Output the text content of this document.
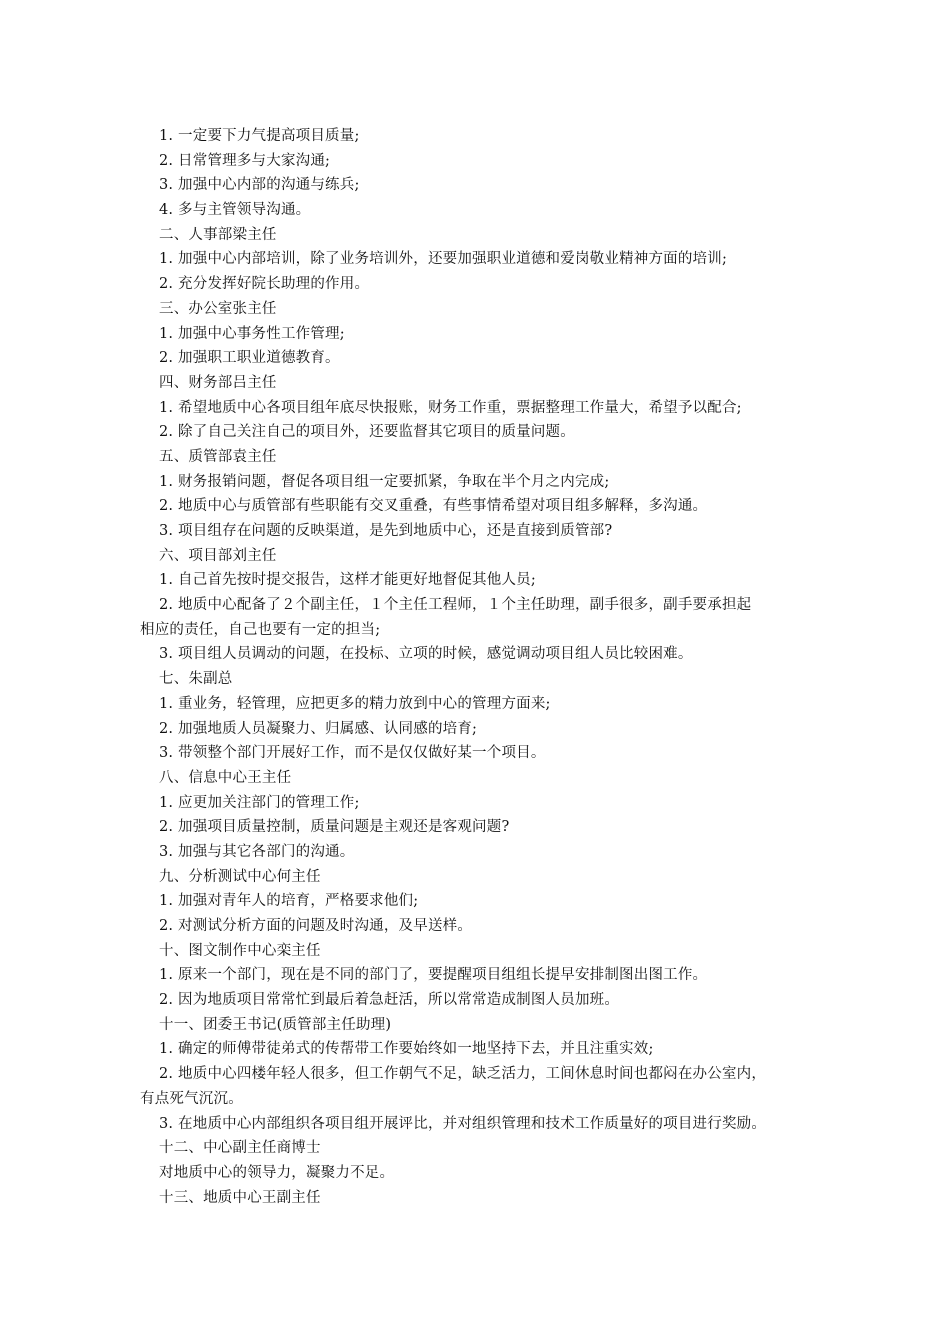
1. 一定要下力气提高项目质量;
2. 日常管理多与大家沟通;
3. 加强中心内部的沟通与练兵;
4. 多与主管领导沟通。
二、人事部梁主任
1. 加强中心内部培训，除了业务培训外，还要加强职业道德和爱岗敬业精神方面的培训;
2. 充分发挥好院长助理的作用。
三、办公室张主任
1. 加强中心事务性工作管理;
2. 加强职工职业道德教育。
四、财务部吕主任
1. 希望地质中心各项目组年底尽快报账，财务工作重，票据整理工作量大，希望予以配合;
2. 除了自己关注自己的项目外，还要监督其它项目的质量问题。
五、质管部袁主任
1. 财务报销问题，督促各项目组一定要抓紧，争取在半个月之内完成;
2. 地质中心与质管部有些职能有交叉重叠，有些事情希望对项目组多解释，多沟通。
3. 项目组存在问题的反映渠道，是先到地质中心，还是直接到质管部?
六、项目部刘主任
1. 自己首先按时提交报告，这样才能更好地督促其他人员;
2. 地质中心配备了２个副主任，１个主任工程师，１个主任助理，副手很多，副手要承担起
相应的责任，自己也要有一定的担当;
3. 项目组人员调动的问题，在投标、立项的时候，感觉调动项目组人员比较困难。
七、朱副总
1. 重业务，轻管理，应把更多的精力放到中心的管理方面来;
2. 加强地质人员凝聚力、归属感、认同感的培育;
3. 带领整个部门开展好工作，而不是仅仅做好某一个项目。
八、信息中心王主任
1. 应更加关注部门的管理工作;
2. 加强项目质量控制，质量问题是主观还是客观问题?
3. 加强与其它各部门的沟通。
九、分析测试中心何主任
1. 加强对青年人的培育，严格要求他们;
2. 对测试分析方面的问题及时沟通，及早送样。
十、图文制作中心栾主任
1. 原来一个部门，现在是不同的部门了，要提醒项目组组长提早安排制图出图工作。
2. 因为地质项目常常忙到最后着急赶活，所以常常造成制图人员加班。
十一、团委王书记(质管部主任助理)
1. 确定的师傅带徒弟式的传帮带工作要始终如一地坚持下去，并且注重实效;
2. 地质中心四楼年轻人很多，但工作朝气不足，缺乏活力，工间休息时间也都闷在办公室内，
有点死气沉沉。
3. 在地质中心内部组织各项目组开展评比，并对组织管理和技术工作质量好的项目进行奖励。
十二、中心副主任商博士
对地质中心的领导力，凝聚力不足。
十三、地质中心王副主任
